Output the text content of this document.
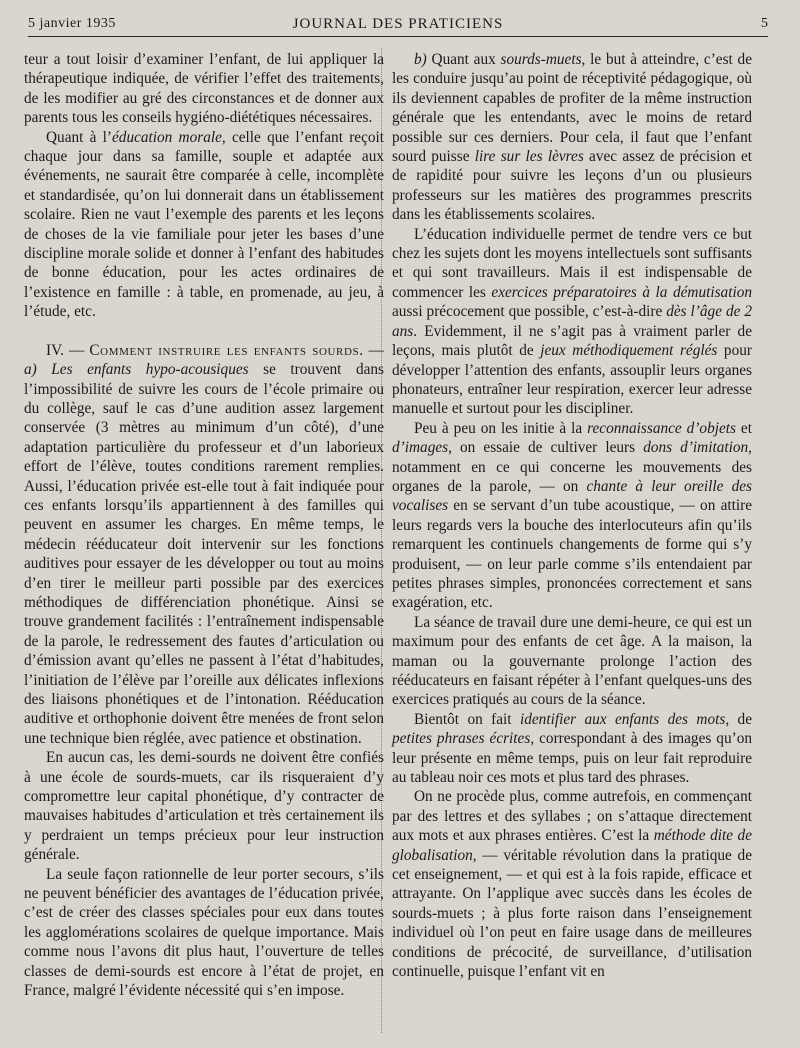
5 janvier 1935	JOURNAL DES PRATICIENS	5

teur a tout loisir d’examiner l’enfant, de lui appliquer la thérapeutique indiquée, de vérifier l’effet des traitements, de les modifier au gré des circonstances et de donner aux parents tous les conseils hygiéno-diététiques nécessaires.

Quant à l’éducation morale, celle que l’enfant reçoit chaque jour dans sa famille, souple et adaptée aux événements, ne saurait être comparée à celle, incomplète et standardisée, qu’on lui donnerait dans un établissement scolaire. Rien ne vaut l’exemple des parents et les leçons de choses de la vie familiale pour jeter les bases d’une discipline morale solide et donner à l’enfant des habitudes de bonne éducation, pour les actes ordinaires de l’existence en famille : à table, en promenade, au jeu, à l’étude, etc.

IV. — Comment instruire les enfants sourds. — a) Les enfants hypo-acousiques se trouvent dans l’impossibilité de suivre les cours de l’école primaire ou du collège, sauf le cas d’une audition assez largement conservée (3 mètres au minimum d’un côté), d’une adaptation particulière du professeur et d’un laborieux effort de l’élève, toutes conditions rarement remplies. Aussi, l’éducation privée est-elle tout à fait indiquée pour ces enfants lorsqu’ils appartiennent à des familles qui peuvent en assumer les charges. En même temps, le médecin rééducateur doit intervenir sur les fonctions auditives pour essayer de les développer ou tout au moins d’en tirer le meilleur parti possible par des exercices méthodiques de différenciation phonétique. Ainsi se trouve grandement facilités : l’entraînement indispensable de la parole, le redressement des fautes d’articulation ou d’émission avant qu’elles ne passent à l’état d’habitudes, l’initiation de l’élève par l’oreille aux délicates inflexions des liaisons phonétiques et de l’intonation. Rééducation auditive et orthophonie doivent être menées de front selon une technique bien réglée, avec patience et obstination.

En aucun cas, les demi-sourds ne doivent être confiés à une école de sourds-muets, car ils risqueraient d’y compromettre leur capital phonétique, d’y contracter de mauvaises habitudes d’articulation et très certainement ils y perdraient un temps précieux pour leur instruction générale.

La seule façon rationnelle de leur porter secours, s’ils ne peuvent bénéficier des avantages de l’éducation privée, c’est de créer des classes spéciales pour eux dans toutes les agglomérations scolaires de quelque importance. Mais comme nous l’avons dit plus haut, l’ouverture de telles classes de demi-sourds est encore à l’état de projet, en France, malgré l’évidente nécessité qui s’en impose.

b) Quant aux sourds-muets, le but à atteindre, c’est de les conduire jusqu’au point de réceptivité pédagogique, où ils deviennent capables de profiter de la même instruction générale que les entendants, avec le moins de retard possible sur ces derniers. Pour cela, il faut que l’enfant sourd puisse lire sur les lèvres avec assez de précision et de rapidité pour suivre les leçons d’un ou plusieurs professeurs sur les matières des programmes prescrits dans les établissements scolaires.

L’éducation individuelle permet de tendre vers ce but chez les sujets dont les moyens intellectuels sont suffisants et qui sont travailleurs. Mais il est indispensable de commencer les exercices préparatoires à la démutisation aussi précocement que possible, c’est-à-dire dès l’âge de 2 ans. Evidemment, il ne s’agit pas à vraiment parler de leçons, mais plutôt de jeux méthodiquement réglés pour développer l’attention des enfants, assouplir leurs organes phonateurs, entraîner leur respiration, exercer leur adresse manuelle et surtout pour les discipliner.

Peu à peu on les initie à la reconnaissance d’objets et d’images, on essaie de cultiver leurs dons d’imitation, notamment en ce qui concerne les mouvements des organes de la parole, — on chante à leur oreille des vocalises en se servant d’un tube acoustique, — on attire leurs regards vers la bouche des interlocuteurs afin qu’ils remarquent les continuels changements de forme qui s’y produisent, — on leur parle comme s’ils entendaient par petites phrases simples, prononcées correctement et sans exagération, etc.

La séance de travail dure une demi-heure, ce qui est un maximum pour des enfants de cet âge. A la maison, la maman ou la gouvernante prolonge l’action des rééducateurs en faisant répéter à l’enfant quelques-uns des exercices pratiqués au cours de la séance.

Bientôt on fait identifier aux enfants des mots, de petites phrases écrites, correspondant à des images qu’on leur présente en même temps, puis on leur fait reproduire au tableau noir ces mots et plus tard des phrases.

On ne procède plus, comme autrefois, en commençant par des lettres et des syllabes ; on s’attaque directement aux mots et aux phrases entières. C’est la méthode dite de globalisation, — véritable révolution dans la pratique de cet enseignement, — et qui est à la fois rapide, efficace et attrayante. On l’applique avec succès dans les écoles de sourds-muets ; à plus forte raison dans l’enseignement individuel où l’on peut en faire usage dans de meilleures conditions de précocité, de surveillance, d’utilisation continuelle, puisque l’enfant vit en
